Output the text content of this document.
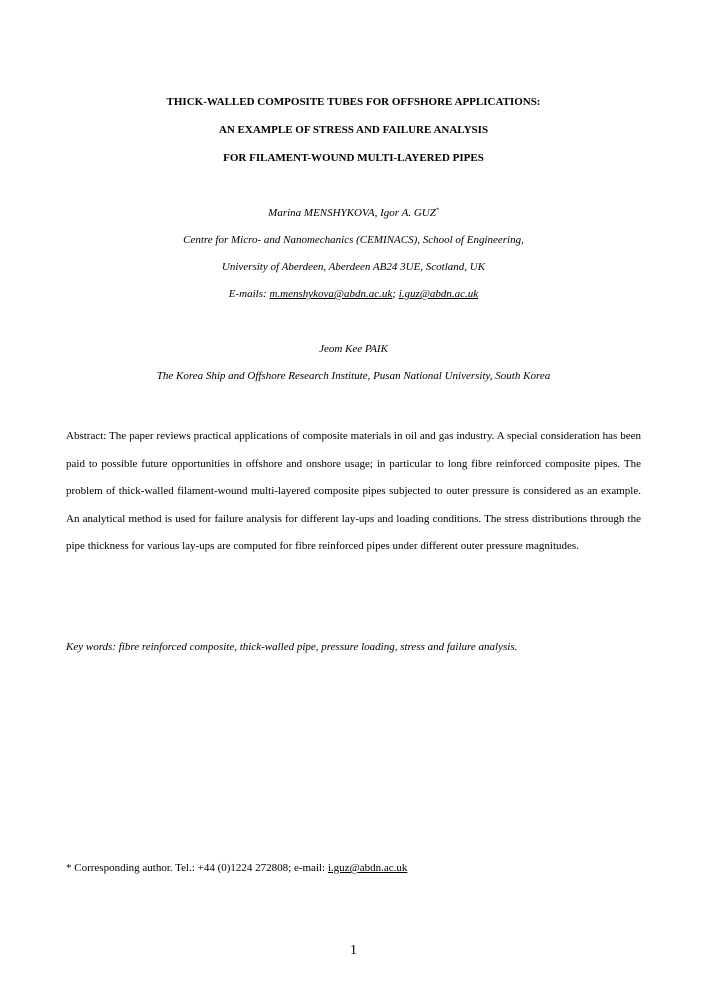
THICK-WALLED COMPOSITE TUBES FOR OFFSHORE APPLICATIONS:
AN EXAMPLE OF STRESS AND FAILURE ANALYSIS
FOR FILAMENT-WOUND MULTI-LAYERED PIPES
Marina MENSHYKOVA, Igor A. GUZ*
Centre for Micro- and Nanomechanics (CEMINACS), School of Engineering,
University of Aberdeen, Aberdeen AB24 3UE, Scotland, UK
E-mails: m.menshykova@abdn.ac.uk; i.guz@abdn.ac.uk
Jeom Kee PAIK
The Korea Ship and Offshore Research Institute, Pusan National University, South Korea

Abstract: The paper reviews practical applications of composite materials in oil and gas industry. A special consideration has been paid to possible future opportunities in offshore and onshore usage; in particular to long fibre reinforced composite pipes. The problem of thick-walled filament-wound multi-layered composite pipes subjected to outer pressure is considered as an example. An analytical method is used for failure analysis for different lay-ups and loading conditions. The stress distributions through the pipe thickness for various lay-ups are computed for fibre reinforced pipes under different outer pressure magnitudes.

Key words: fibre reinforced composite, thick-walled pipe, pressure loading, stress and failure analysis.

* Corresponding author. Tel.: +44 (0)1224 272808; e-mail: i.guz@abdn.ac.uk

1
